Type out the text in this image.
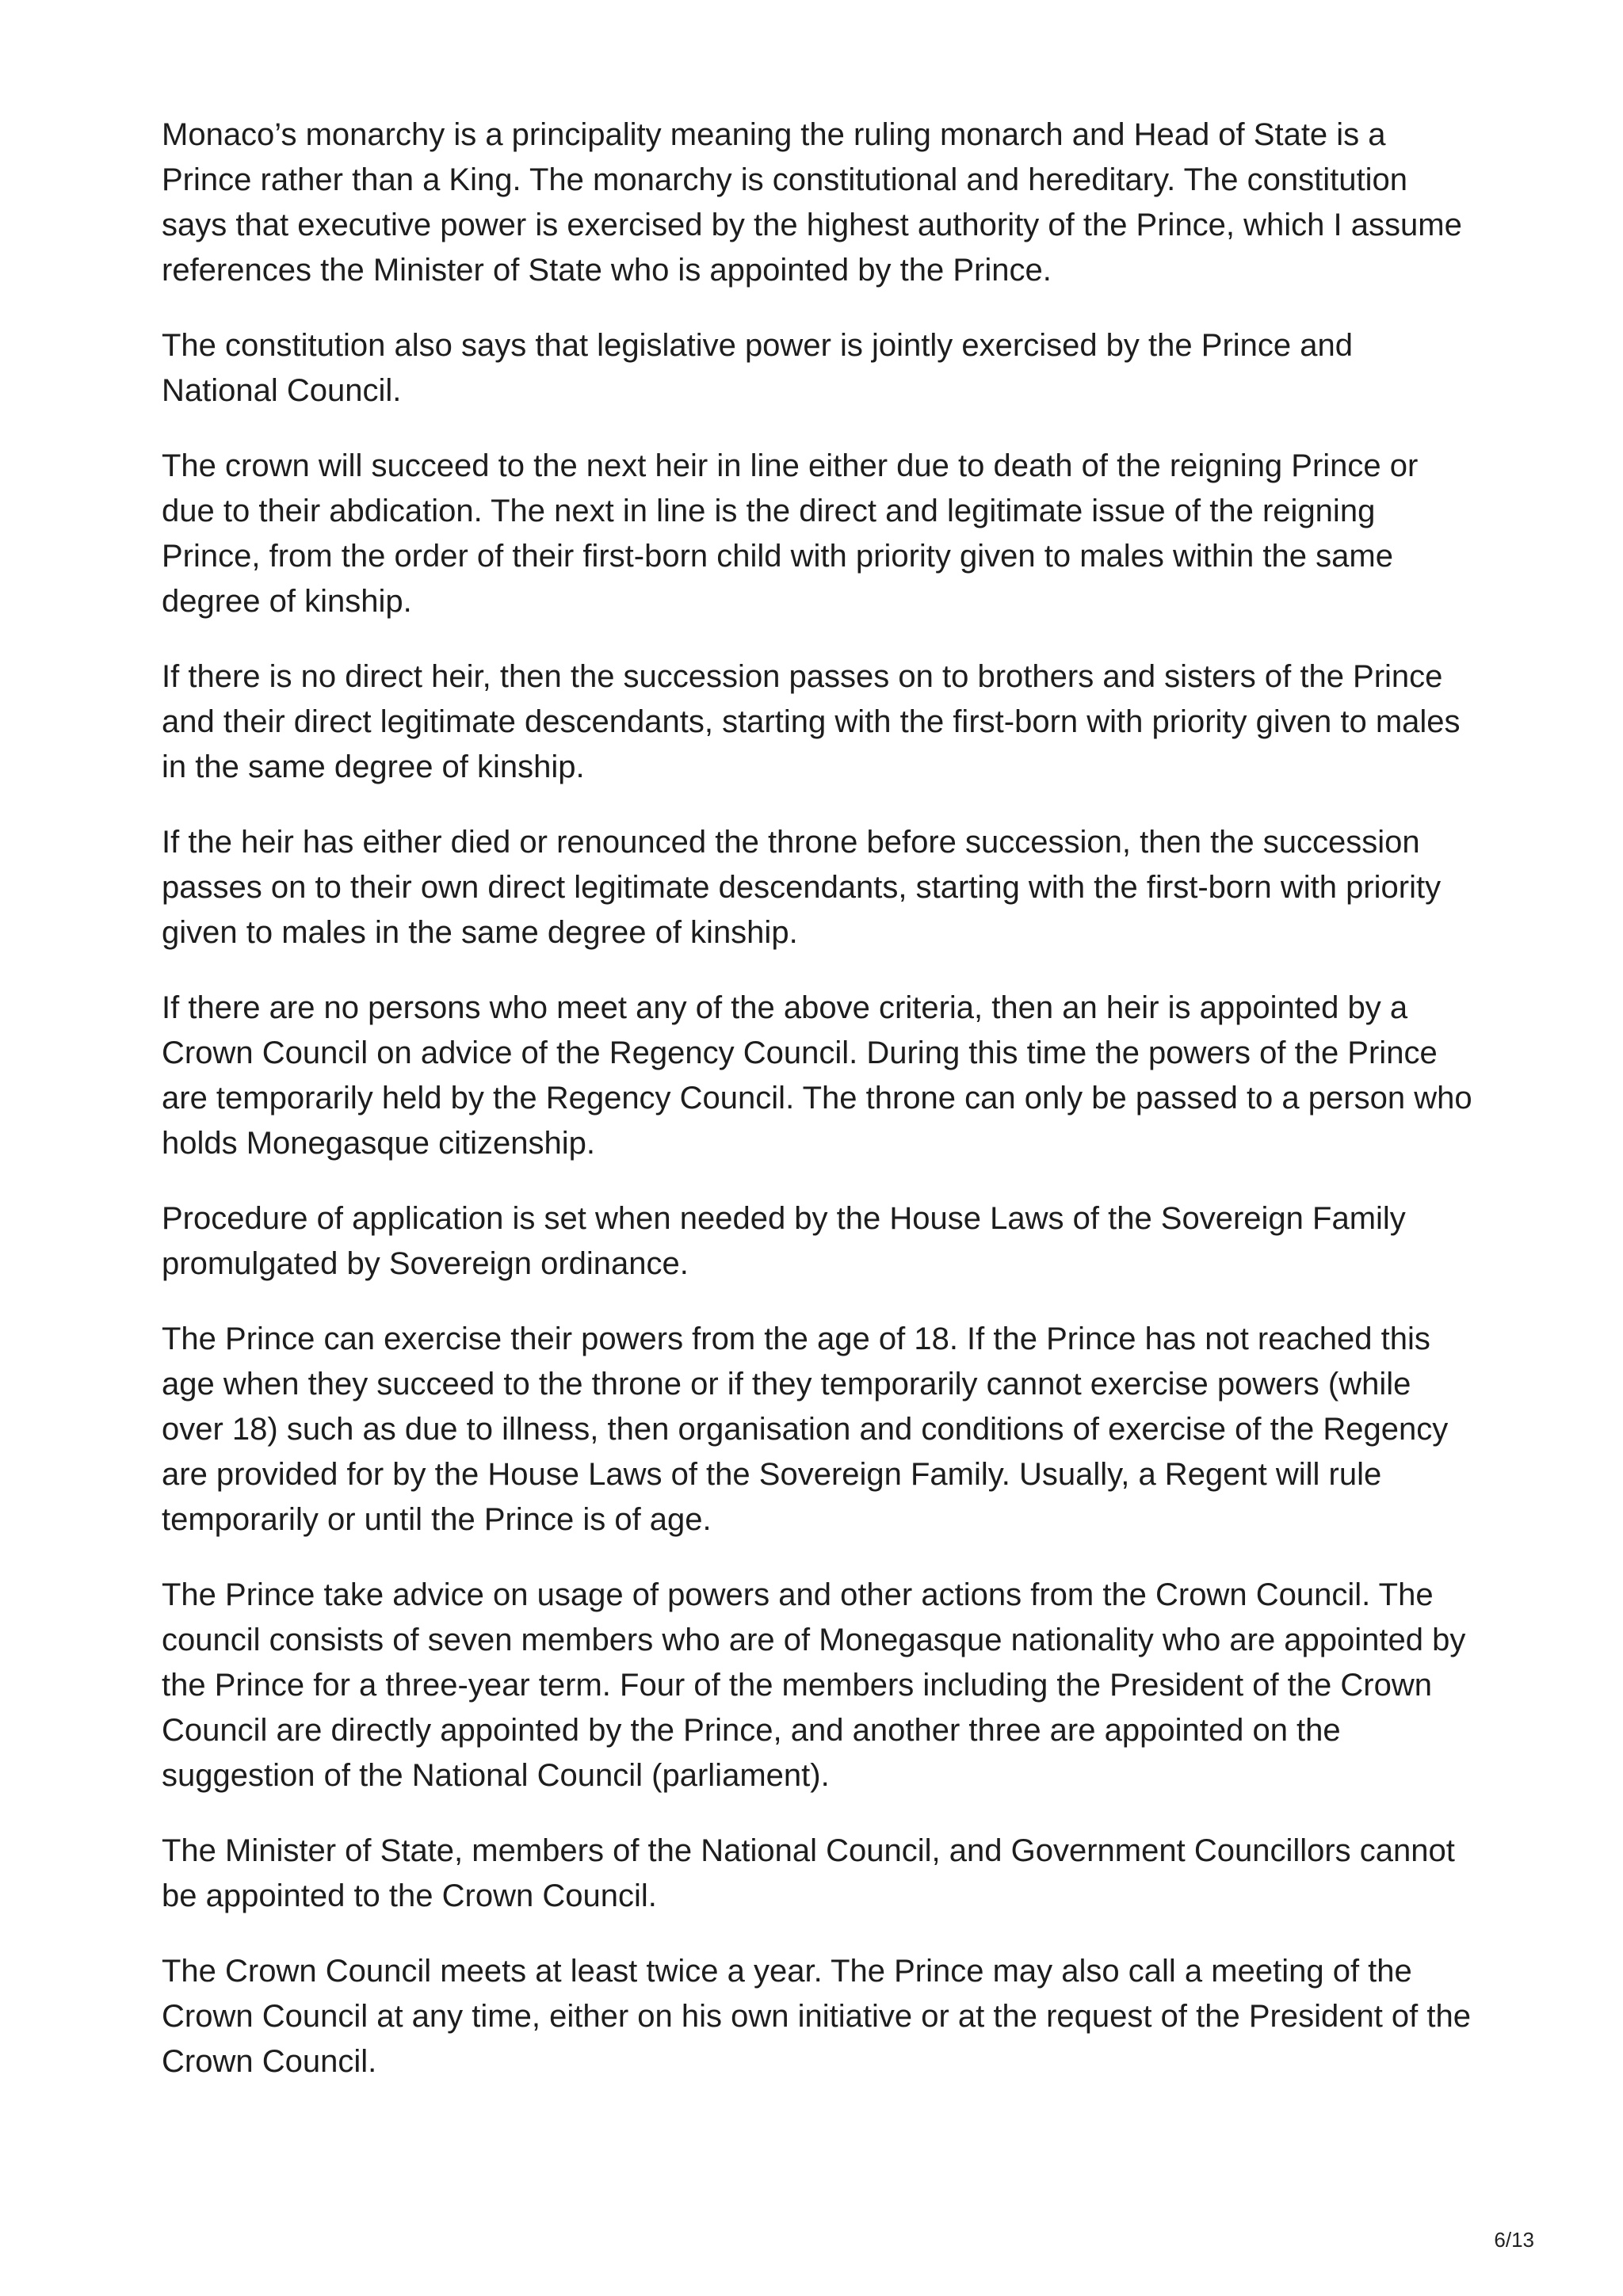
Monaco’s monarchy is a principality meaning the ruling monarch and Head of State is a Prince rather than a King. The monarchy is constitutional and hereditary. The constitution says that executive power is exercised by the highest authority of the Prince, which I assume references the Minister of State who is appointed by the Prince.

The constitution also says that legislative power is jointly exercised by the Prince and National Council.

The crown will succeed to the next heir in line either due to death of the reigning Prince or due to their abdication. The next in line is the direct and legitimate issue of the reigning Prince, from the order of their first-born child with priority given to males within the same degree of kinship.

If there is no direct heir, then the succession passes on to brothers and sisters of the Prince and their direct legitimate descendants, starting with the first-born with priority given to males in the same degree of kinship.

If the heir has either died or renounced the throne before succession, then the succession passes on to their own direct legitimate descendants, starting with the first-born with priority given to males in the same degree of kinship.

If there are no persons who meet any of the above criteria, then an heir is appointed by a Crown Council on advice of the Regency Council. During this time the powers of the Prince are temporarily held by the Regency Council. The throne can only be passed to a person who holds Monegasque citizenship.

Procedure of application is set when needed by the House Laws of the Sovereign Family promulgated by Sovereign ordinance.

The Prince can exercise their powers from the age of 18. If the Prince has not reached this age when they succeed to the throne or if they temporarily cannot exercise powers (while over 18) such as due to illness, then organisation and conditions of exercise of the Regency are provided for by the House Laws of the Sovereign Family. Usually, a Regent will rule temporarily or until the Prince is of age.

The Prince take advice on usage of powers and other actions from the Crown Council. The council consists of seven members who are of Monegasque nationality who are appointed by the Prince for a three-year term. Four of the members including the President of the Crown Council are directly appointed by the Prince, and another three are appointed on the suggestion of the National Council (parliament).

The Minister of State, members of the National Council, and Government Councillors cannot be appointed to the Crown Council.

The Crown Council meets at least twice a year. The Prince may also call a meeting of the Crown Council at any time, either on his own initiative or at the request of the President of the Crown Council.

6/13
